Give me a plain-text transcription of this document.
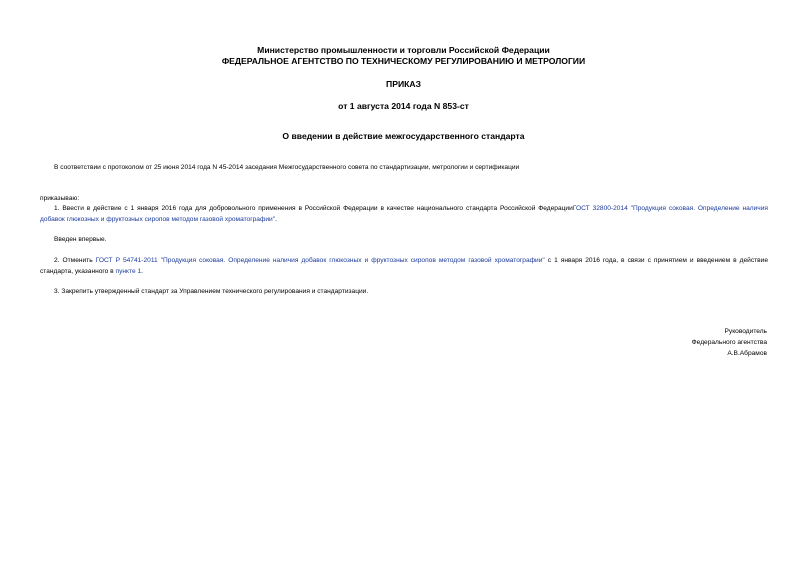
Министерство промышленности и торговли Российской Федерации
ФЕДЕРАЛЬНОЕ АГЕНТСТВО ПО ТЕХНИЧЕСКОМУ РЕГУЛИРОВАНИЮ И МЕТРОЛОГИИ
ПРИКАЗ
от 1 августа 2014 года N 853-ст
О введении в действие межгосударственного стандарта
В соответствии с протоколом от 25 июня 2014 года N 45-2014 заседания Межгосударственного совета по стандартизации, метрологии и сертификации
приказываю:
1. Ввести в действие с 1 января 2016 года для добровольного применения в Российской Федерации в качестве национального стандарта Российской ФедерацииГОСТ 32800-2014 "Продукция соковая. Определение наличия добавок глюкозных и фруктозных сиропов методом газовой хроматографии".
Введен впервые.
2. Отменить ГОСТ Р 54741-2011 "Продукция соковая. Определение наличия добавок глюкозных и фруктозных сиропов методом газовой хроматографии" с 1 января 2016 года, в связи с принятием и введением в действие стандарта, указанного в пункте 1.
3. Закрепить утвержденный стандарт за Управлением технического регулирования и стандартизации.
Руководитель
Федерального агентства
А.В.Абрамов
